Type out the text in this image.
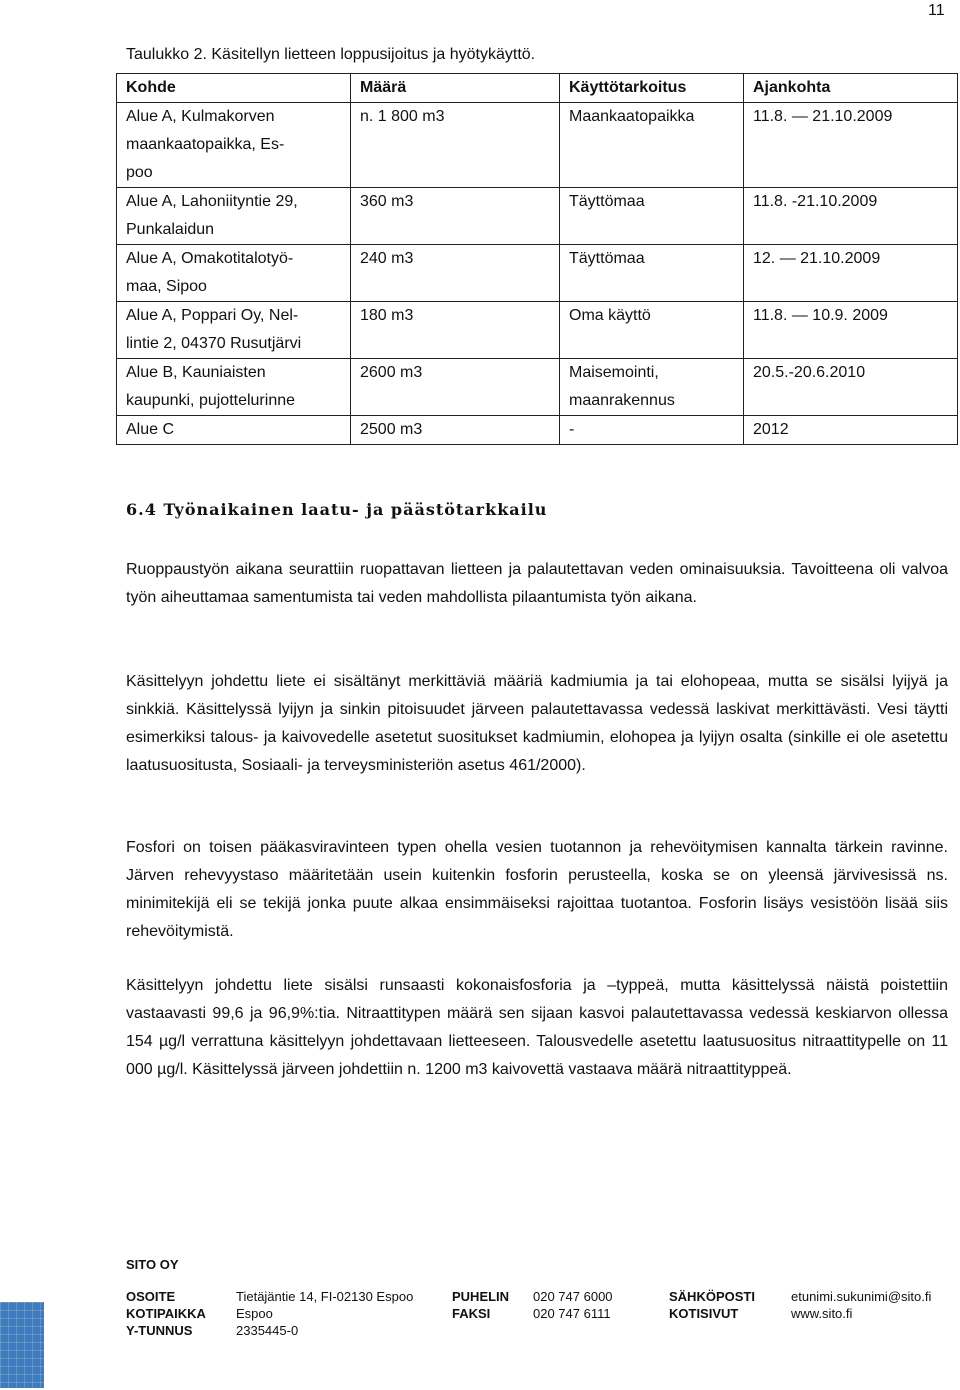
11
Taulukko 2. Käsitellyn lietteen loppusijoitus ja hyötykäyttö.
Kohde	Määrä	Käyttötarkoitus	Ajankohta

Alue A, Kulmakorven
maankaatopaikka, Es-
poo	n. 1 800 m3	Maankaatopaikka	11.8. — 21.10.2009

Alue A, Lahoniityntie 29,
Punkalaidun	360 m3	Täyttömaa	11.8. -21.10.2009

Alue A, Omakotitalotyö-
maa, Sipoo	240 m3	Täyttömaa	12. — 21.10.2009

Alue A, Poppari Oy, Nel-
lintie 2, 04370 Rusutjärvi	180 m3	Oma käyttö	11.8. — 10.9. 2009

Alue B, Kauniaisten
kaupunki, pujottelurinne	2600 m3	Maisemointi,
maanrakennus	20.5.-20.6.2010
Alue C	2500 m3	-	2012
6.4 Työnaikainen laatu- ja päästötarkkailu

Ruoppaustyön aikana seurattiin ruopattavan lietteen ja palautettavan veden ominaisuuksia. Tavoitteena oli valvoa työn aiheuttamaa samentumista tai veden mahdollista pilaantumista työn aikana.

Käsittelyyn johdettu liete ei sisältänyt merkittäviä määriä kadmiumia ja tai elohopeaa, mutta se sisälsi lyijyä ja sinkkiä. Käsittelyssä lyijyn ja sinkin pitoisuudet järveen palautettavassa vedessä laskivat merkittävästi. Vesi täytti esimerkiksi talous- ja kaivovedelle asetetut suositukset kadmiumin, elohopea ja lyijyn osalta (sinkille ei ole asetettu laatusuositusta, Sosiaali- ja terveysministeriön asetus 461/2000).

Fosfori on toisen pääkasviravinteen typen ohella vesien tuotannon ja rehevöitymisen kannalta tärkein ravinne. Järven rehevyystaso määritetään usein kuitenkin fosforin perusteella, koska se on yleensä järvivesissä ns. minimitekijä eli se tekijä jonka puute alkaa ensimmäiseksi rajoittaa tuotantoa. Fosforin lisäys vesistöön lisää siis rehevöitymistä.

Käsittelyyn johdettu liete sisälsi runsaasti kokonaisfosforia ja –typpeä, mutta käsittelyssä näistä poistettiin vastaavasti 99,6 ja 96,9%:tia. Nitraattitypen määrä sen sijaan kasvoi palautettavassa vedessä keskiarvon ollessa 154 µg/l verrattuna käsittelyyn johdettavaan lietteeseen. Talousvedelle asetettu laatusuositus nitraattitypelle on 11 000 µg/l. Käsittelyssä järveen johdettiin n. 1200 m3 kaivovettä vastaava määrä nitraattityppeä.

SITO OY
OSOITE
KOTIPAIKKA
Y-TUNNUS
Tietäjäntie 14, FI-02130 Espoo
Espoo
2335445-0
PUHELIN
FAKSI
020 747 6000
020 747 6111
SÄHKÖPOSTI
KOTISIVUT
etunimi.sukunimi@sito.fi
www.sito.fi
